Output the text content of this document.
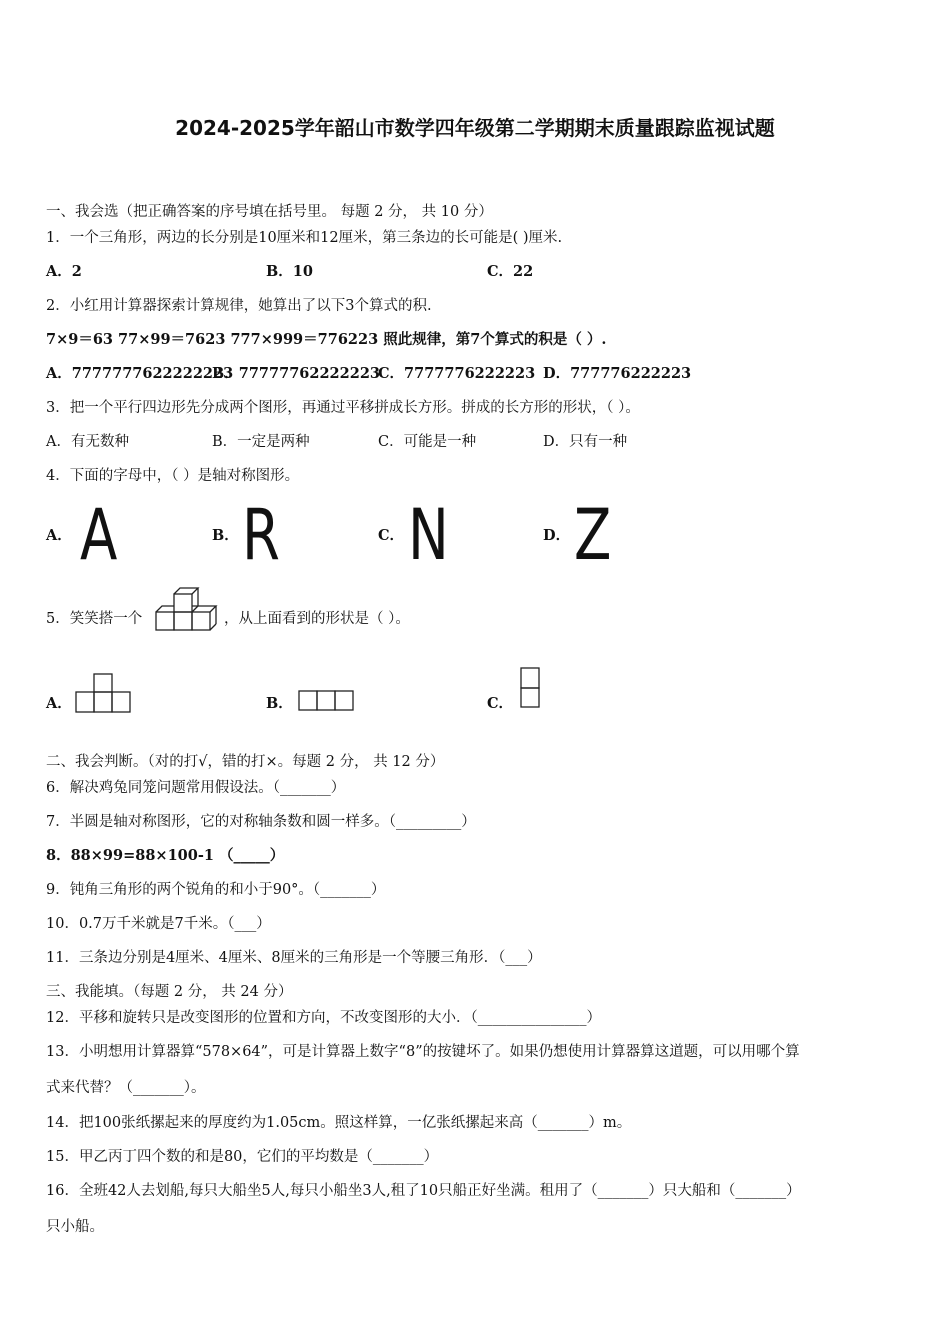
2024-2025学年韶山市数学四年级第二学期期末质量跟踪监视试题
一、我会选（把正确答案的序号填在括号里。 每题 2 分， 共 10 分）
1．一个三角形，两边的长分别是10厘米和12厘米，第三条边的长可能是( )厘米.
A．2	B．10	C．22
2．小红用计算器探索计算规律，她算出了以下3个算式的积.
7×9＝63 77×99＝7623 777×999＝776223 照此规律，第7个算式的积是（ ）.
A．7777777622222223
B．77777762222223
C．7777776222223 D．777776222223
3．把一个平行四边形先分成两个图形，再通过平移拼成长方形。拼成的长方形的形状，（ ）。
A．有无数种	B．一定是两种	C．可能是一种	D．只有一种
4．下面的字母中，（ ）是轴对称图形。
A． A	B． R	C． N	D． Z
5．笑笑搭一个	，从上面看到的形状是（ ）。
A．	B．	C．
二、我会判断。（对的打√，错的打×。每题 2 分， 共 12 分）
6．解决鸡兔同笼问题常用假设法。（_______）
7．半圆是轴对称图形，它的对称轴条数和圆一样多。（_________）
8．88×99=88×100-1 （_____）
9．钝角三角形的两个锐角的和小于90°。（_______）
10．0.7万千米就是7千米。（___）
11．三条边分别是4厘米、4厘米、8厘米的三角形是一个等腰三角形．（___）
三、我能填。（每题 2 分， 共 24 分）
12．平移和旋转只是改变图形的位置和方向，不改变图形的大小．（_______________）
13．小明想用计算器算“578×64”，可是计算器上数字“8”的按键坏了。如果仍想使用计算器算这道题，可以用哪个算
式来代替？（_______）。
14．把100张纸摞起来的厚度约为1.05cm。照这样算，一亿张纸摞起来高（_______）m。
15．甲乙丙丁四个数的和是80，它们的平均数是（_______）
16．全班42人去划船,每只大船坐5人,每只小船坐3人,租了10只船正好坐满。租用了（_______）只大船和（_______）
只小船。
